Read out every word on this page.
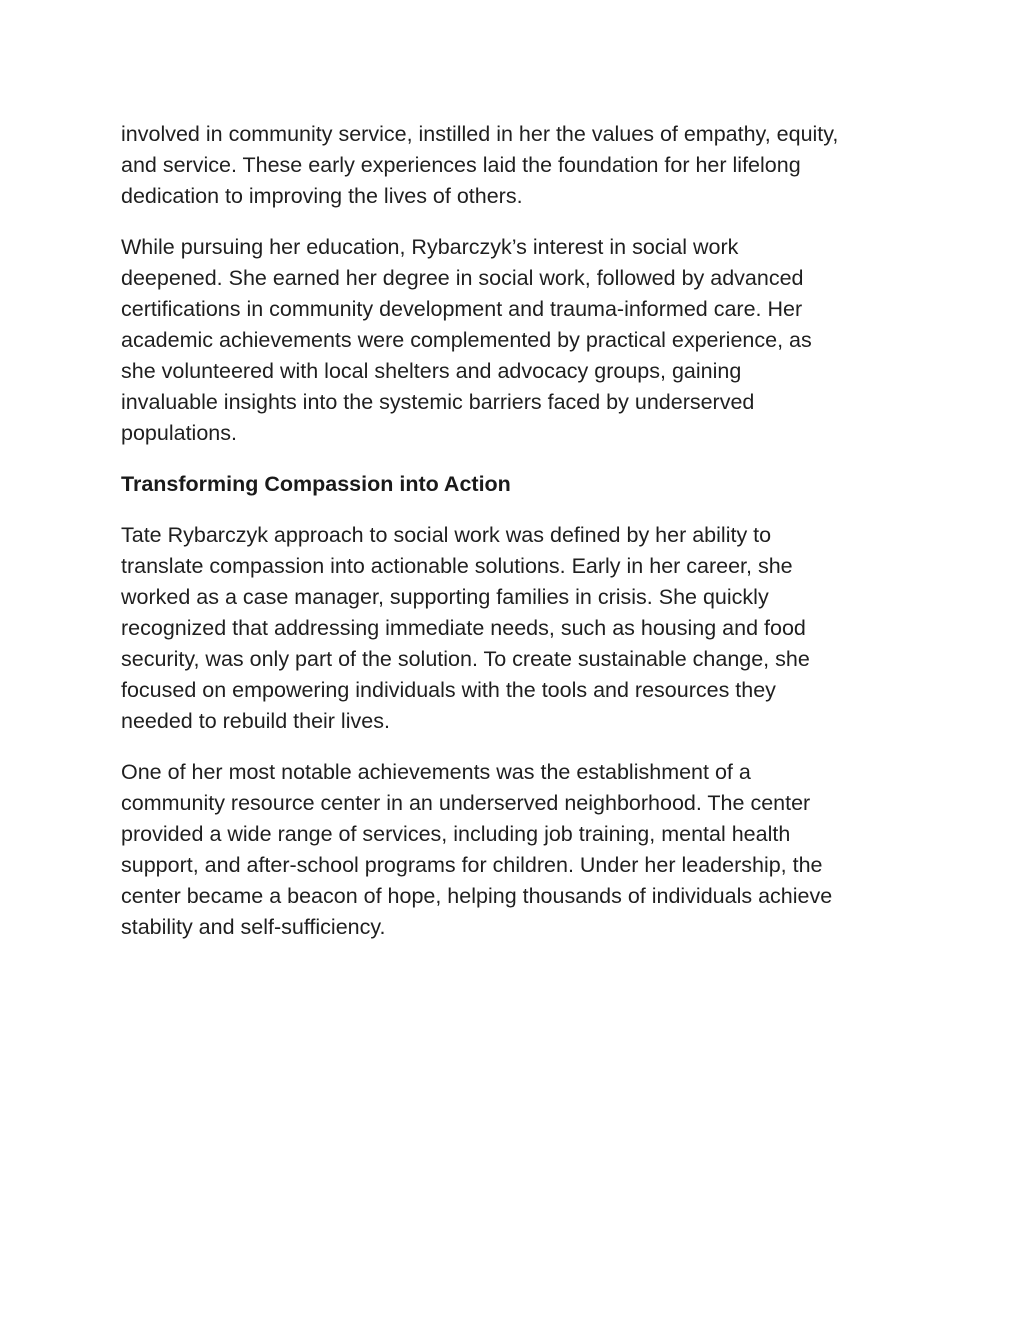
involved in community service, instilled in her the values of empathy, equity,
and service. These early experiences laid the foundation for her lifelong
dedication to improving the lives of others.

While pursuing her education, Rybarczyk’s interest in social work
deepened. She earned her degree in social work, followed by advanced
certifications in community development and trauma-informed care. Her
academic achievements were complemented by practical experience, as
she volunteered with local shelters and advocacy groups, gaining
invaluable insights into the systemic barriers faced by underserved
populations.

Transforming Compassion into Action

Tate Rybarczyk approach to social work was defined by her ability to
translate compassion into actionable solutions. Early in her career, she
worked as a case manager, supporting families in crisis. She quickly
recognized that addressing immediate needs, such as housing and food
security, was only part of the solution. To create sustainable change, she
focused on empowering individuals with the tools and resources they
needed to rebuild their lives.

One of her most notable achievements was the establishment of a
community resource center in an underserved neighborhood. The center
provided a wide range of services, including job training, mental health
support, and after-school programs for children. Under her leadership, the
center became a beacon of hope, helping thousands of individuals achieve
stability and self-sufficiency.
